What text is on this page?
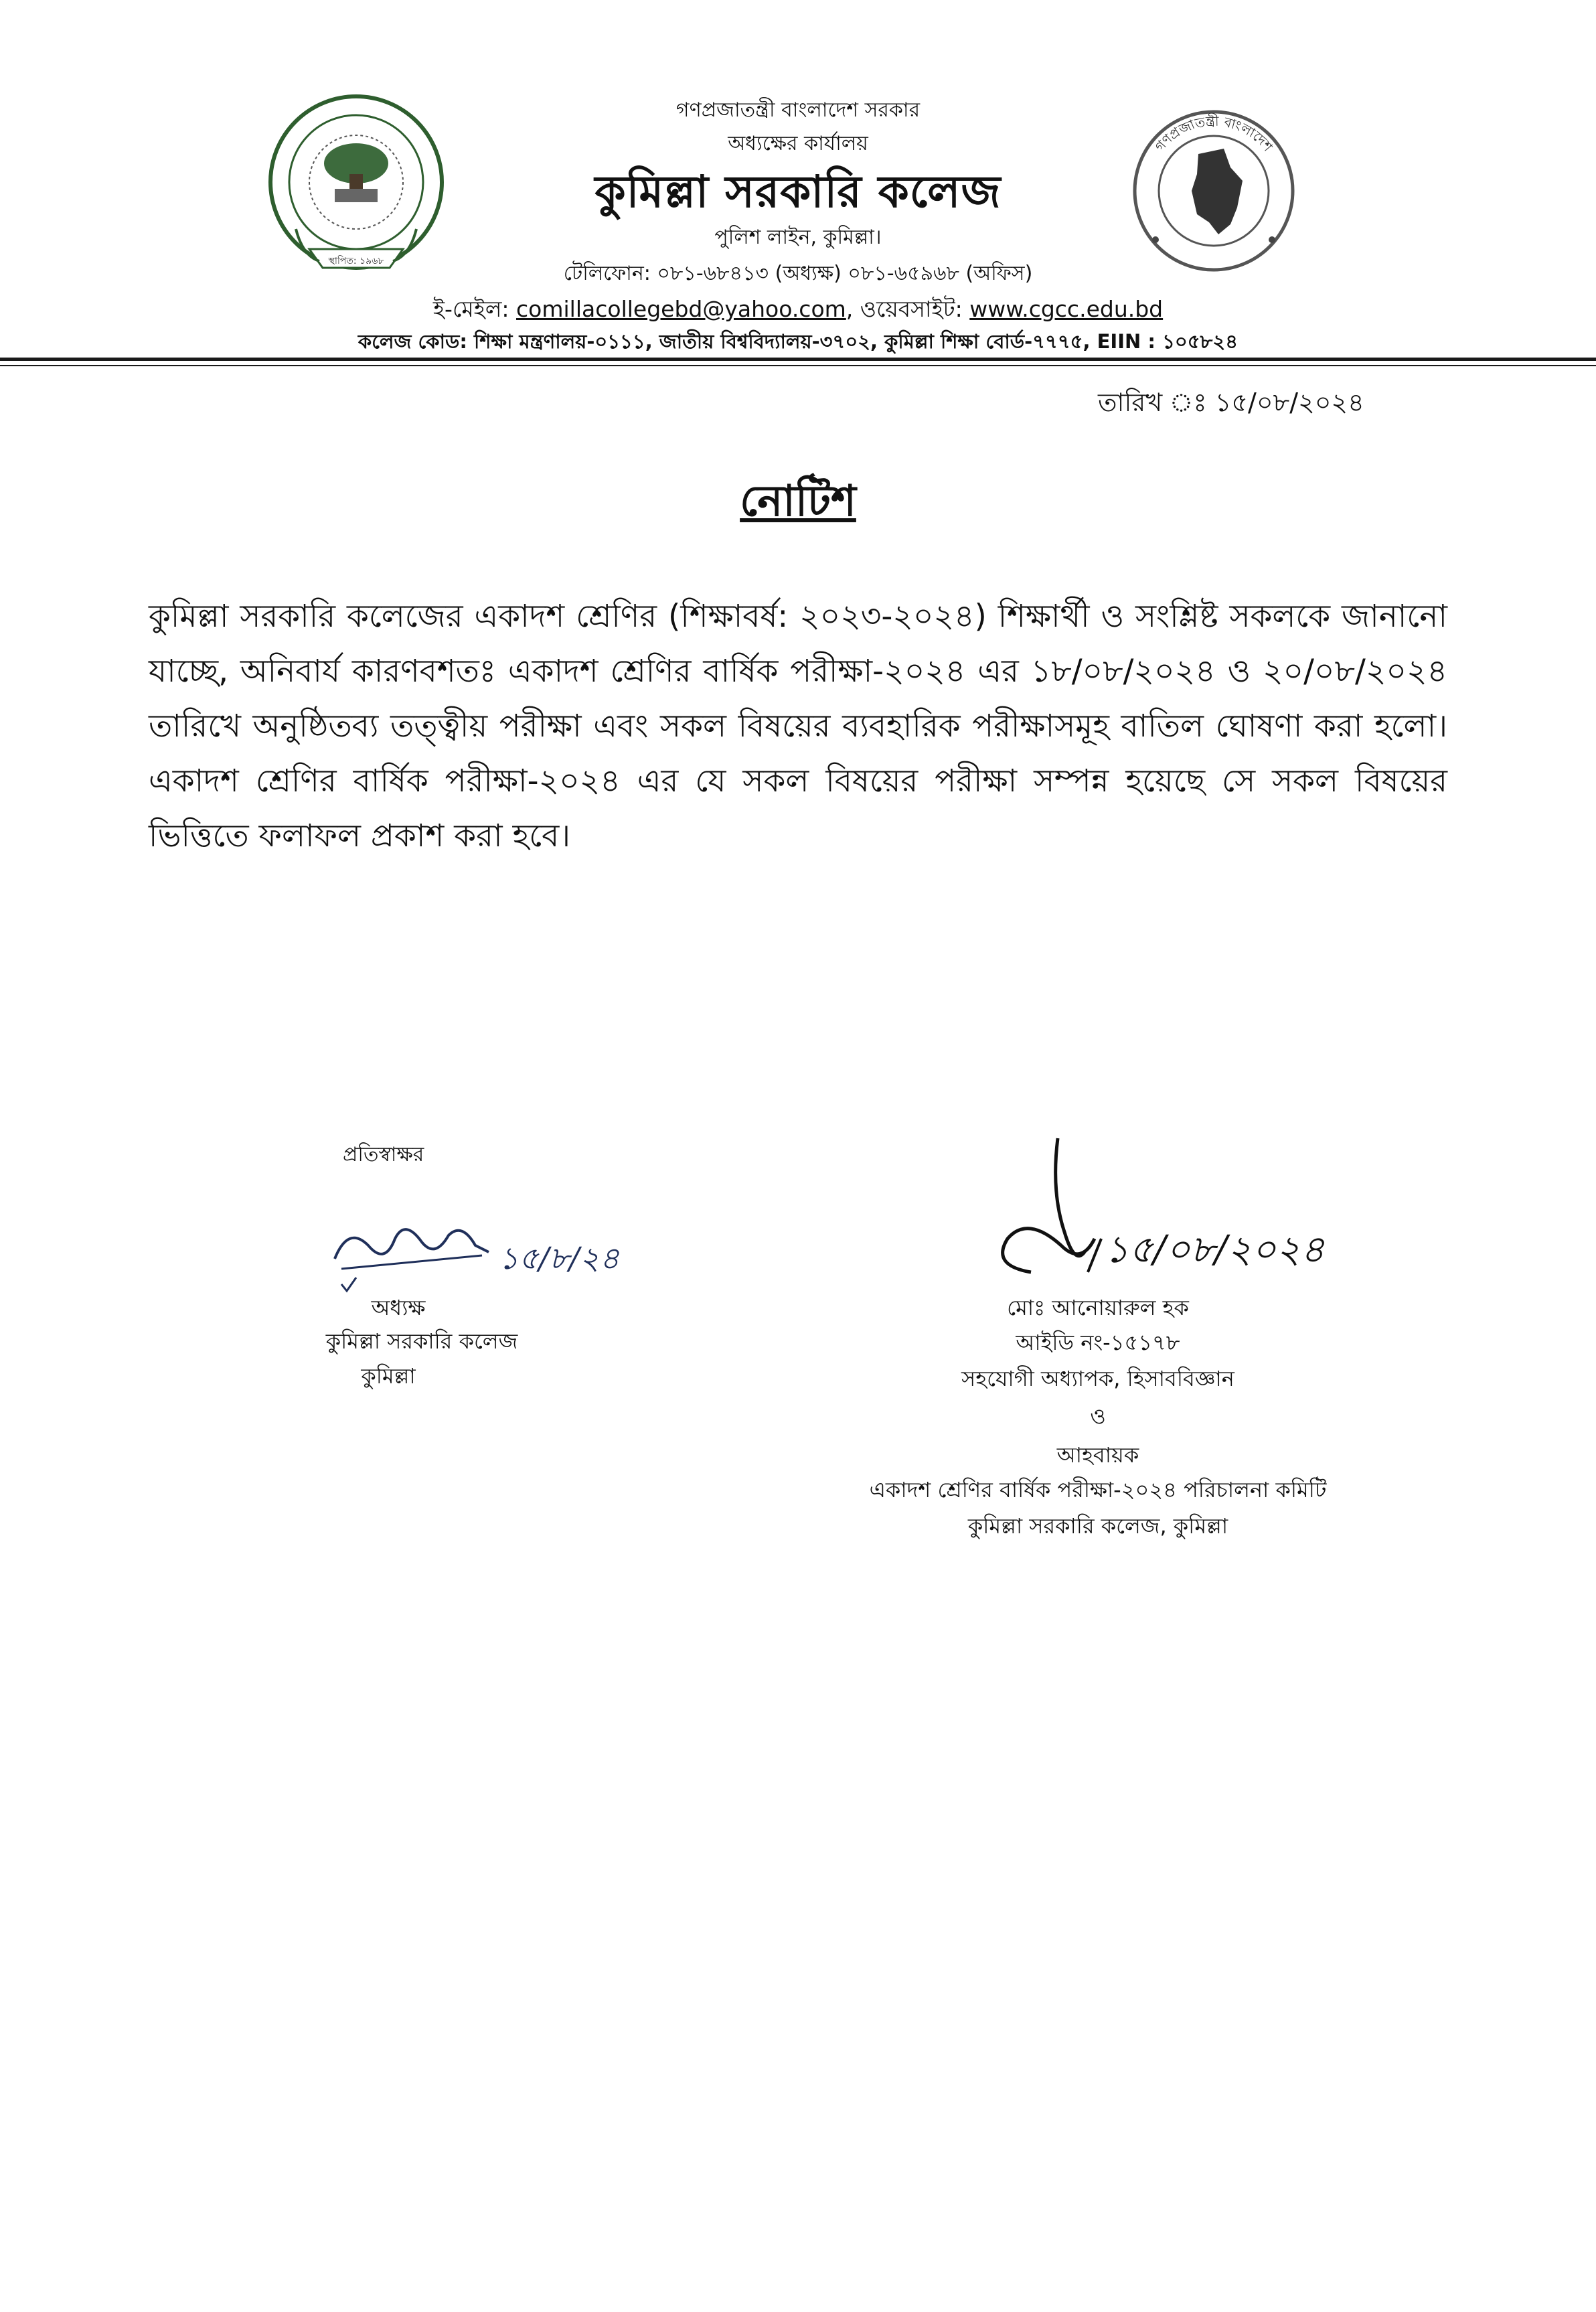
স্থাপিত: ১৯৬৮
গণপ্রজাতন্ত্রী বাংলাদেশ
গণপ্রজাতন্ত্রী বাংলাদেশ সরকার
অধ্যক্ষের কার্যালয়
কুমিল্লা সরকারি কলেজ
পুলিশ লাইন, কুমিল্লা।
টেলিফোন: ০৮১-৬৮৪১৩ (অধ্যক্ষ) ০৮১-৬৫৯৬৮ (অফিস)
ই-মেইল: comillacollegebd@yahoo.com, ওয়েবসাইট: www.cgcc.edu.bd
কলেজ কোড: শিক্ষা মন্ত্রণালয়-০১১১, জাতীয় বিশ্ববিদ্যালয়-৩৭০২, কুমিল্লা শিক্ষা বোর্ড-৭৭৭৫, EIIN : ১০৫৮২৪
তারিখ ঃ ১৫/০৮/২০২৪
নোটিশ
কুমিল্লা সরকারি কলেজের একাদশ শ্রেণির (শিক্ষাবর্ষ: ২০২৩-২০২৪) শিক্ষার্থী ও সংশ্লিষ্ট সকলকে জানানো যাচ্ছে, অনিবার্য কারণবশতঃ একাদশ শ্রেণির বার্ষিক পরীক্ষা-২০২৪ এর ১৮/০৮/২০২৪ ও ২০/০৮/২০২৪ তারিখে অনুষ্ঠিতব্য তত্ত্বীয় পরীক্ষা এবং সকল বিষয়ের ব্যবহারিক পরীক্ষাসমূহ বাতিল ঘোষণা করা হলো। একাদশ শ্রেণির বার্ষিক পরীক্ষা-২০২৪ এর যে সকল বিষয়ের পরীক্ষা সম্পন্ন হয়েছে সে সকল বিষয়ের ভিত্তিতে ফলাফল প্রকাশ করা হবে।
প্রতিস্বাক্ষর
১৫/৮/২৪
অধ্যক্ষ
কুমিল্লা সরকারি কলেজ
কুমিল্লা
১৫/০৮/২০২৪
মোঃ আনোয়ারুল হক
আইডি নং-১৫১৭৮
সহযোগী অধ্যাপক, হিসাববিজ্ঞান
ও
আহবায়ক
একাদশ শ্রেণির বার্ষিক পরীক্ষা-২০২৪ পরিচালনা কমিটি
কুমিল্লা সরকারি কলেজ, কুমিল্লা
